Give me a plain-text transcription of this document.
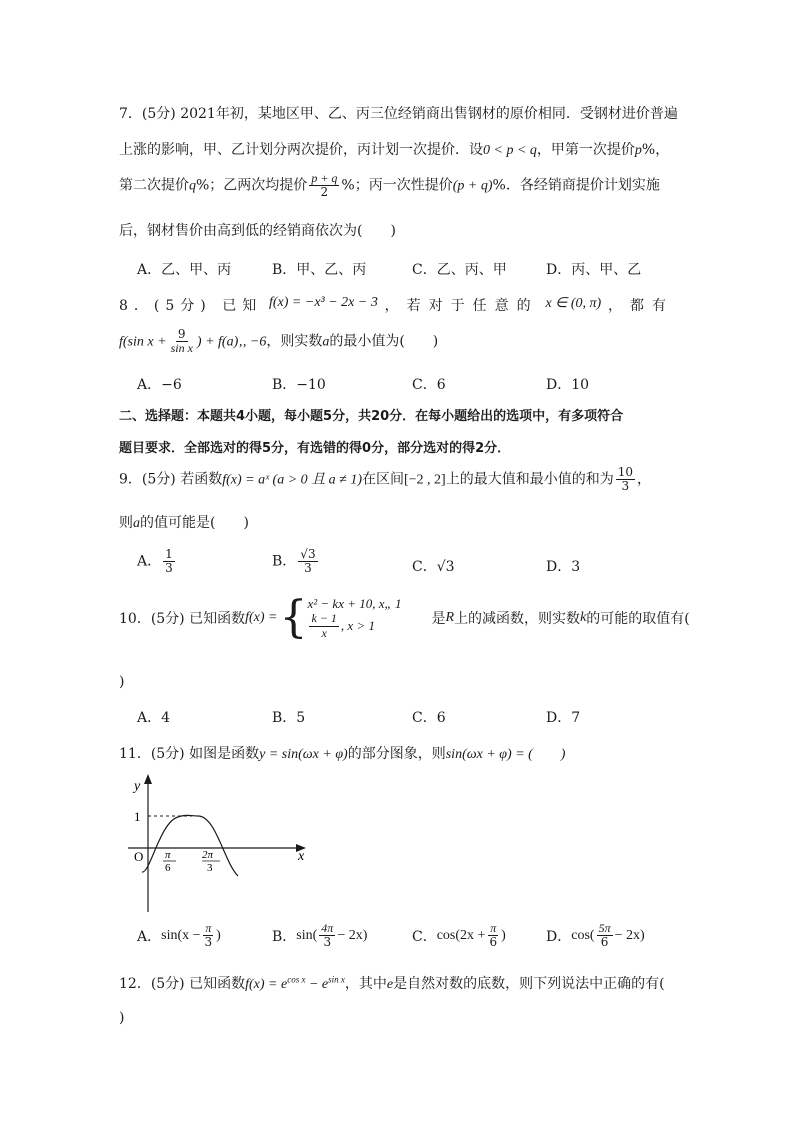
7．(5分) 2021年初，某地区甲、乙、丙三位经销商出售钢材的原价相同．受钢材进价普遍
上涨的影响，甲、乙计划分两次提价，丙计划一次提价．设0 < p < q，甲第一次提价p%，
第二次提价q%；乙两次均提价 $\frac{p + q}{2}$ %；丙一次性提价(p + q)%．各经销商提价计划实施
后，钢材售价由高到低的经销商依次为(　　)
A．乙、甲、丙	B．甲、乙、丙	C．乙、丙、甲	D．丙、甲、乙
8．(5分) 已知 f(x) = −x³ − 2x − 3 ，若对于任意的 x ∈ (0, π) ，都有
f(sin $x + \frac{9}{\text{sin x}}$ ) + f(a)‚, −6，则实数a的最小值为(　　)
A．−6	B．−10	C．6	D．10
二、选择题：本题共4小题，每小题5分，共20分．在每小题给出的选项中，有多项符合
题目要求．全部选对的得5分，有选错的得0分，部分选对的得2分．
9．(5分) 若函数f(x) = aˣ (a > 0 且 a ≠ 1)在区间[−2 , 2]上的最大值和最小值的和为 $\frac{10}{3}$ ，
则a的值可能是(　　)
A． $\frac{1}{3}$	B． $\frac{√3}{3}$	C．√3	D．3
10．(5分) 已知函数 f(x) = { x² − kx + 10, x„ 1
$\frac{k - 1}{x}$ , x > 1	是 R 上的减函数，则实数 k 的可能的取值有(
)
A．4	B．5	C．6	D．7
11．(5分) 如图是函数y = sin(ωx + φ)的部分图象，则sin(ωx + φ) = (　　)
y
x
O
1
π
6
2π
3
A． $\sin(x - \frac{\pi}{3}$ )	B． $\sin( \frac{4\pi}{3} - 2x)$	C． $\cos(2x + \frac{\pi}{6}$ )	D． $\cos( \frac{5\pi}{6} - 2x)$
12．(5分) 已知函数$f(x) = e^{cos x} - e^{sin x}$，其中e是自然对数的底数，则下列说法中正确的有(
)
